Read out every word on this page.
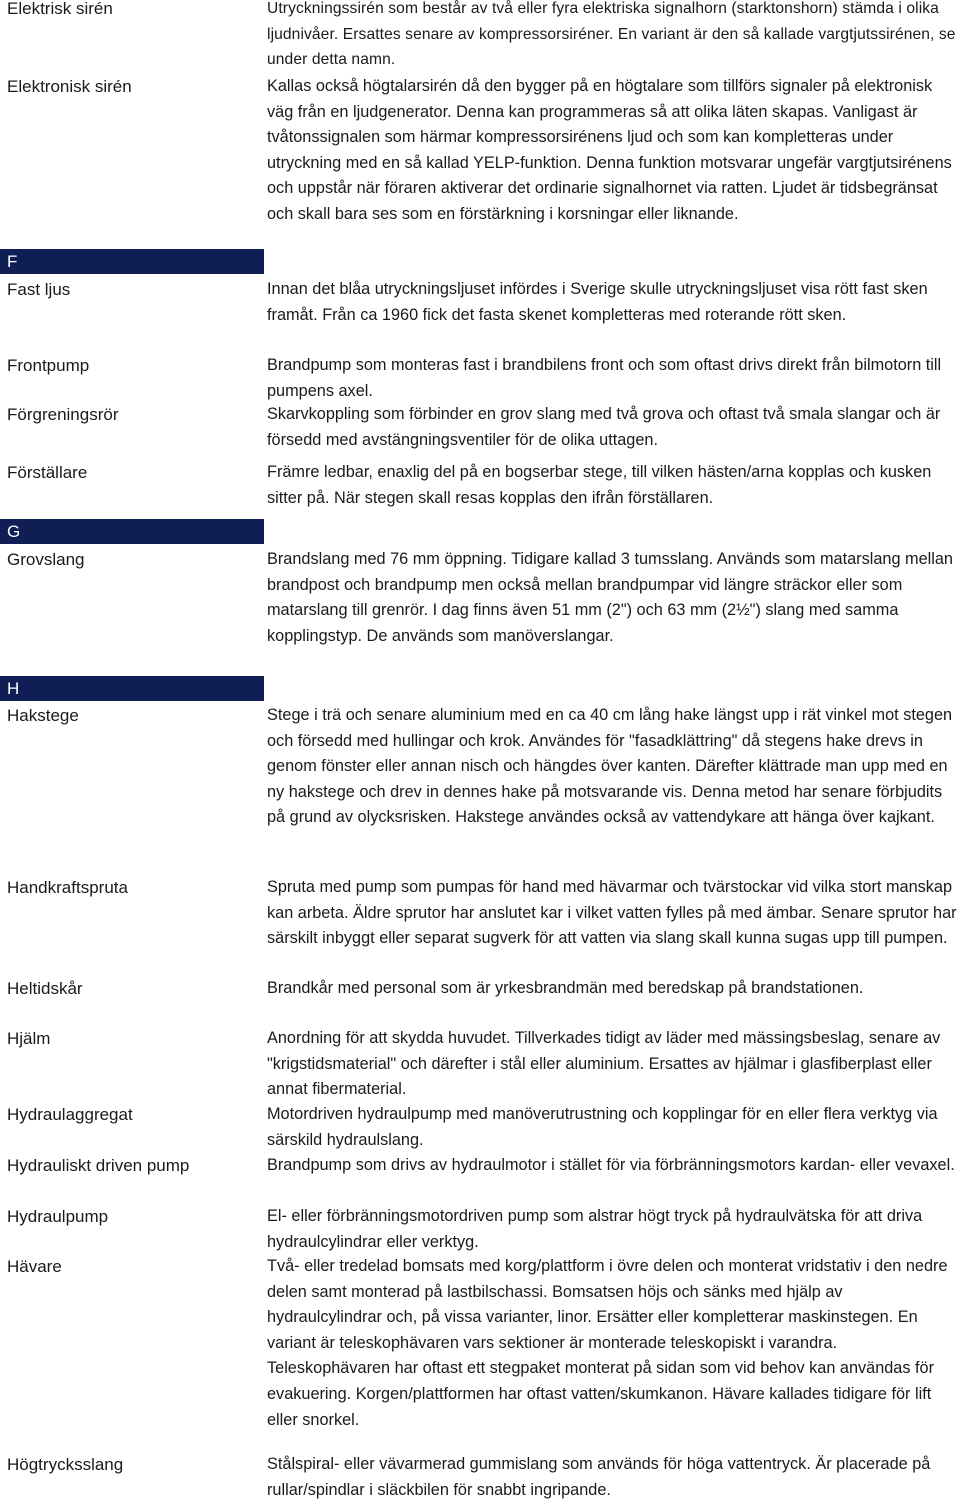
Elektrisk sirén	Utryckningssirén som består av två eller fyra elektriska signalhorn (starktonshorn) stämda i olika ljudnivåer. Ersattes senare av kompressorsiréner. En variant är den så kallade vargtjutssirénen, se under detta namn.
Elektronisk sirén	Kallas också högtalarsirén då den bygger på en högtalare som tillförs signaler på elektronisk väg från en ljudgenerator. Denna kan programmeras så att olika läten skapas. Vanligast är tvåtonssignalen som härmar kompressorsirénens ljud och som kan kompletteras under utryckning med en så kallad YELP-funktion. Denna funktion motsvarar ungefär vargtjutsirénens och uppstår när föraren aktiverar det ordinarie signalhornet via ratten. Ljudet är tidsbegränsat och skall bara ses som en förstärkning i korsningar eller liknande.
F
Fast ljus	Innan det blåa utryckningsljuset infördes i Sverige skulle utryckningsljuset visa rött fast sken framåt. Från ca 1960 fick det fasta skenet kompletteras med roterande rött sken.
Frontpump	Brandpump som monteras fast i brandbilens front och som oftast drivs direkt från bilmotorn till pumpens axel.
Förgreningsrör	Skarvkoppling som förbinder en grov slang med två grova och oftast två smala slangar och är försedd med avstängningsventiler för de olika uttagen.
Förställare	Främre ledbar, enaxlig del på en bogserbar stege, till vilken hästen/arna kopplas och kusken sitter på. När stegen skall resas kopplas den ifrån förställaren.
G
Grovslang	Brandslang med 76 mm öppning. Tidigare kallad 3 tumsslang. Används som matarslang mellan brandpost och brandpump men också mellan brandpumpar vid längre sträckor eller som matarslang till grenrör. I dag finns även 51 mm (2") och 63 mm (2½") slang med samma kopplingstyp. De används som manöverslangar.
H
Hakstege	Stege i trä och senare aluminium med en ca 40 cm lång hake längst upp i rät vinkel mot stegen och försedd med hullingar och krok. Användes för "fasadklättring" då stegens hake drevs in genom fönster eller annan nisch och hängdes över kanten. Därefter klättrade man upp med en ny hakstege och drev in dennes hake på motsvarande vis. Denna metod har senare förbjudits på grund av olycksrisken. Hakstege användes också av vattendykare att hänga över kajkant.
Handkraftspruta	Spruta med pump som pumpas för hand med hävarmar och tvärstockar vid vilka stort manskap kan arbeta. Äldre sprutor har anslutet kar i vilket vatten fylles på med ämbar. Senare sprutor har särskilt inbyggt eller separat sugverk för att vatten via slang skall kunna sugas upp till pumpen.
Heltidskår	Brandkår med personal som är yrkesbrandmän med beredskap på brandstationen.
Hjälm	Anordning för att skydda huvudet. Tillverkades tidigt av läder med mässingsbeslag, senare av "krigstidsmaterial" och därefter i stål eller aluminium. Ersattes av hjälmar i glasfiberplast eller annat fibermaterial.
Hydraulaggregat	Motordriven hydraulpump med manöverutrustning och kopplingar för en eller flera verktyg via särskild hydraulslang.
Hydrauliskt driven pump	Brandpump som drivs av hydraulmotor i stället för via förbränningsmotors kardan- eller vevaxel.
Hydraulpump	El- eller förbränningsmotordriven pump som alstrar högt tryck på hydraulvätska för att driva hydraulcylindrar eller verktyg.
Hävare	Två- eller tredelad bomsats med korg/plattform i övre delen och monterat vridstativ i den nedre delen samt monterad på lastbilschassi. Bomsatsen höjs och sänks med hjälp av hydraulcylindrar och, på vissa varianter, linor. Ersätter eller kompletterar maskinstegen. En variant är teleskophävaren vars sektioner är monterade teleskopiskt i varandra. Teleskophävaren har oftast ett stegpaket monterat på sidan som vid behov kan användas för evakuering. Korgen/plattformen har oftast vatten/skumkanon. Hävare kallades tidigare för lift eller snorkel.
Högtrycksslang	Stålspiral- eller vävarmerad gummislang som används för höga vattentryck. Är placerade på rullar/spindlar i släckbilen för snabbt ingripande.
